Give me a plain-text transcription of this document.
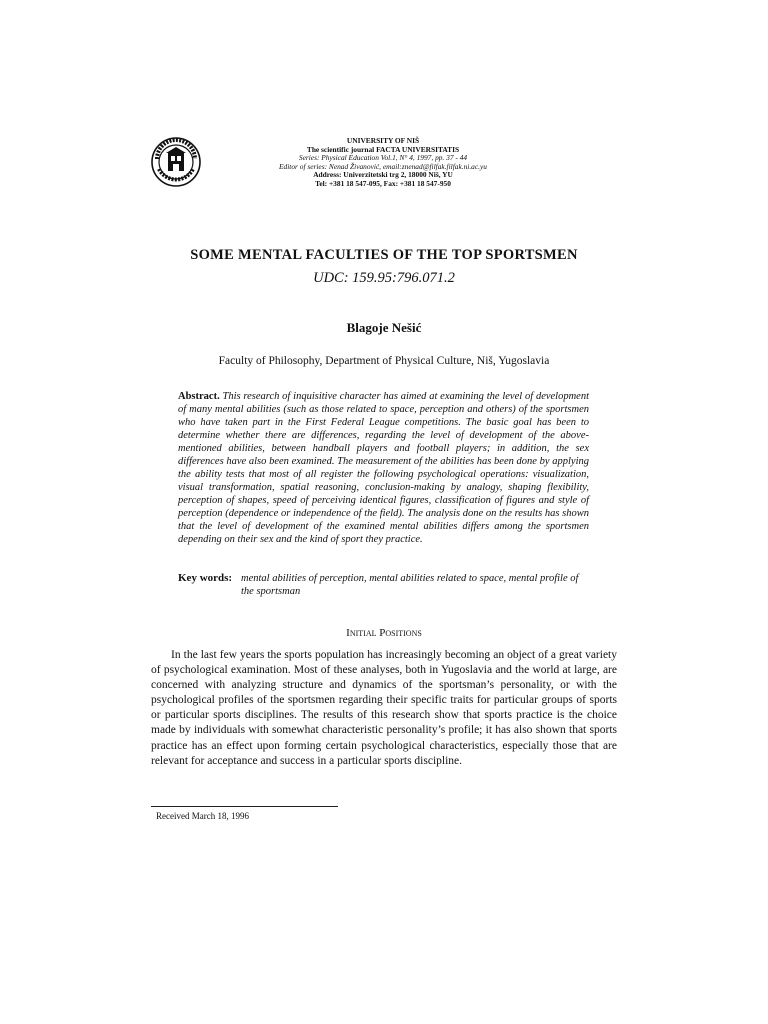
UNIVERSITY OF NIŠ
The scientific journal FACTA UNIVERSITATIS
Series: Physical Education Vol.1, N° 4, 1997, pp. 37 - 44
Editor of series: Nenad Živanović, email:znenad@filfak.filfak.ni.ac.yu
Address: Univerzitetski trg 2, 18000 Niš, YU
Tel: +381 18 547-095, Fax: +381 18 547-950
SOME MENTAL FACULTIES OF THE TOP SPORTSMEN
UDC: 159.95:796.071.2
Blagoje Nešić
Faculty of Philosophy, Department of Physical Culture, Niš, Yugoslavia
Abstract. This research of inquisitive character has aimed at examining the level of development of many mental abilities (such as those related to space, perception and others) of the sportsmen who have taken part in the First Federal League competitions. The basic goal has been to determine whether there are differences, regarding the level of development of the above-mentioned abilities, between handball players and football players; in addition, the sex differences have also been examined. The measurement of the abilities has been done by applying the ability tests that most of all register the following psychological operations: visualization, visual transformation, spatial reasoning, conclusion-making by analogy, shaping flexibility, perception of shapes, speed of perceiving identical figures, classification of figures and style of perception (dependence or independence of the field). The analysis done on the results has shown that the level of development of the examined mental abilities differs among the sportsmen depending on their sex and the kind of sport they practice.
Key words: mental abilities of perception, mental abilities related to space, mental profile of the sportsman
Initial Positions
In the last few years the sports population has increasingly becoming an object of a great variety of psychological examination. Most of these analyses, both in Yugoslavia and the world at large, are concerned with analyzing structure and dynamics of the sportsman’s personality, or with the psychological profiles of the sportsmen regarding their specific traits for particular groups of sports or particular sports disciplines. The results of this research show that sports practice is the choice made by individuals with somewhat characteristic personality’s profile; it has also shown that sports practice has an effect upon forming certain psychological characteristics, especially those that are relevant for acceptance and success in a particular sports discipline.
Received March 18, 1996
